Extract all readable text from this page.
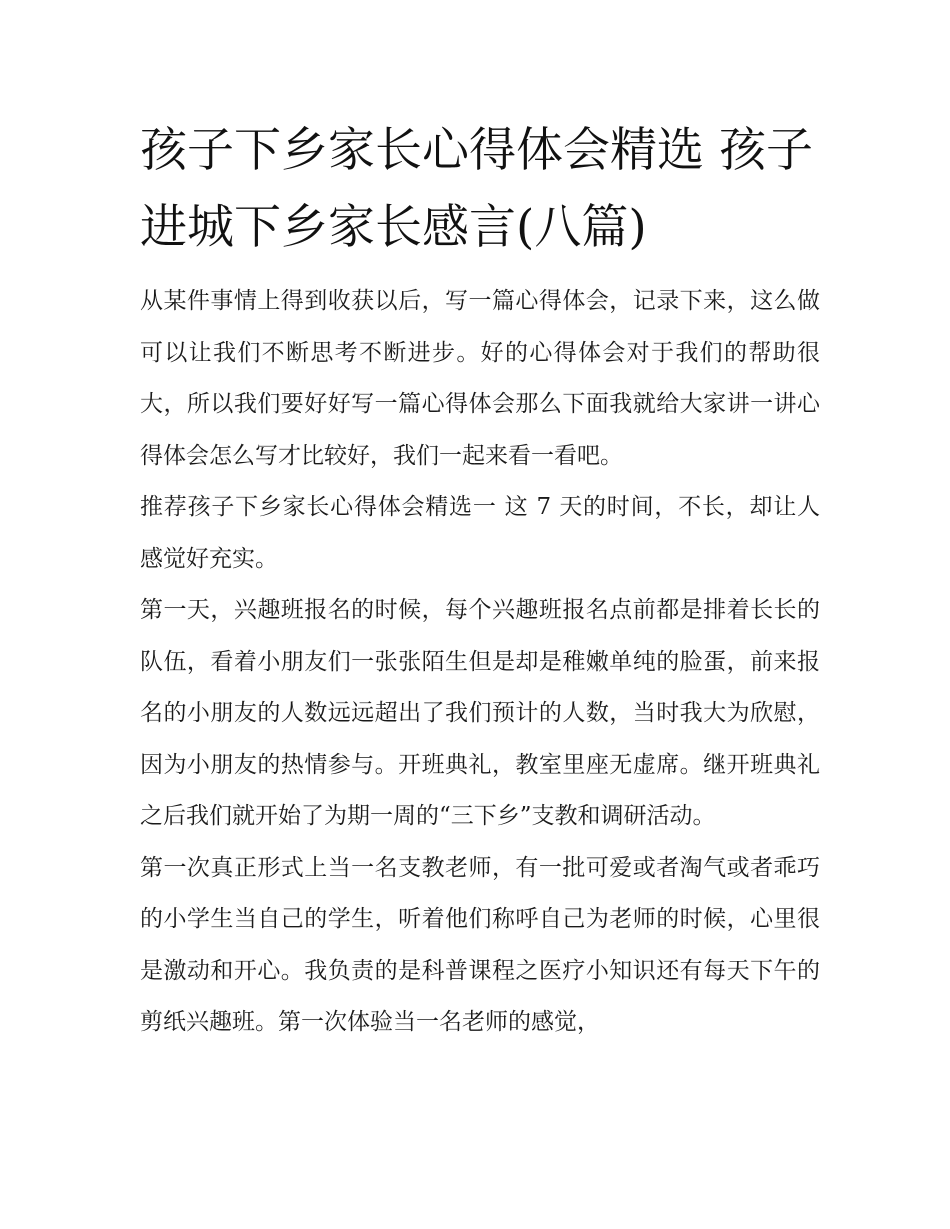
孩子下乡家长心得体会精选 孩子进城下乡家长感言(八篇)

从某件事情上得到收获以后，写一篇心得体会，记录下来，这么做可以让我们不断思考不断进步。好的心得体会对于我们的帮助很大，所以我们要好好写一篇心得体会那么下面我就给大家讲一讲心得体会怎么写才比较好，我们一起来看一看吧。

推荐孩子下乡家长心得体会精选一 这 7 天的时间，不长，却让人感觉好充实。

第一天，兴趣班报名的时候，每个兴趣班报名点前都是排着长长的队伍，看着小朋友们一张张陌生但是却是稚嫩单纯的脸蛋，前来报名的小朋友的人数远远超出了我们预计的人数，当时我大为欣慰，因为小朋友的热情参与。开班典礼，教室里座无虚席。继开班典礼之后我们就开始了为期一周的“三下乡”支教和调研活动。

第一次真正形式上当一名支教老师，有一批可爱或者淘气或者乖巧的小学生当自己的学生，听着他们称呼自己为老师的时候，心里很是激动和开心。我负责的是科普课程之医疗小知识还有每天下午的剪纸兴趣班。第一次体验当一名老师的感觉，
